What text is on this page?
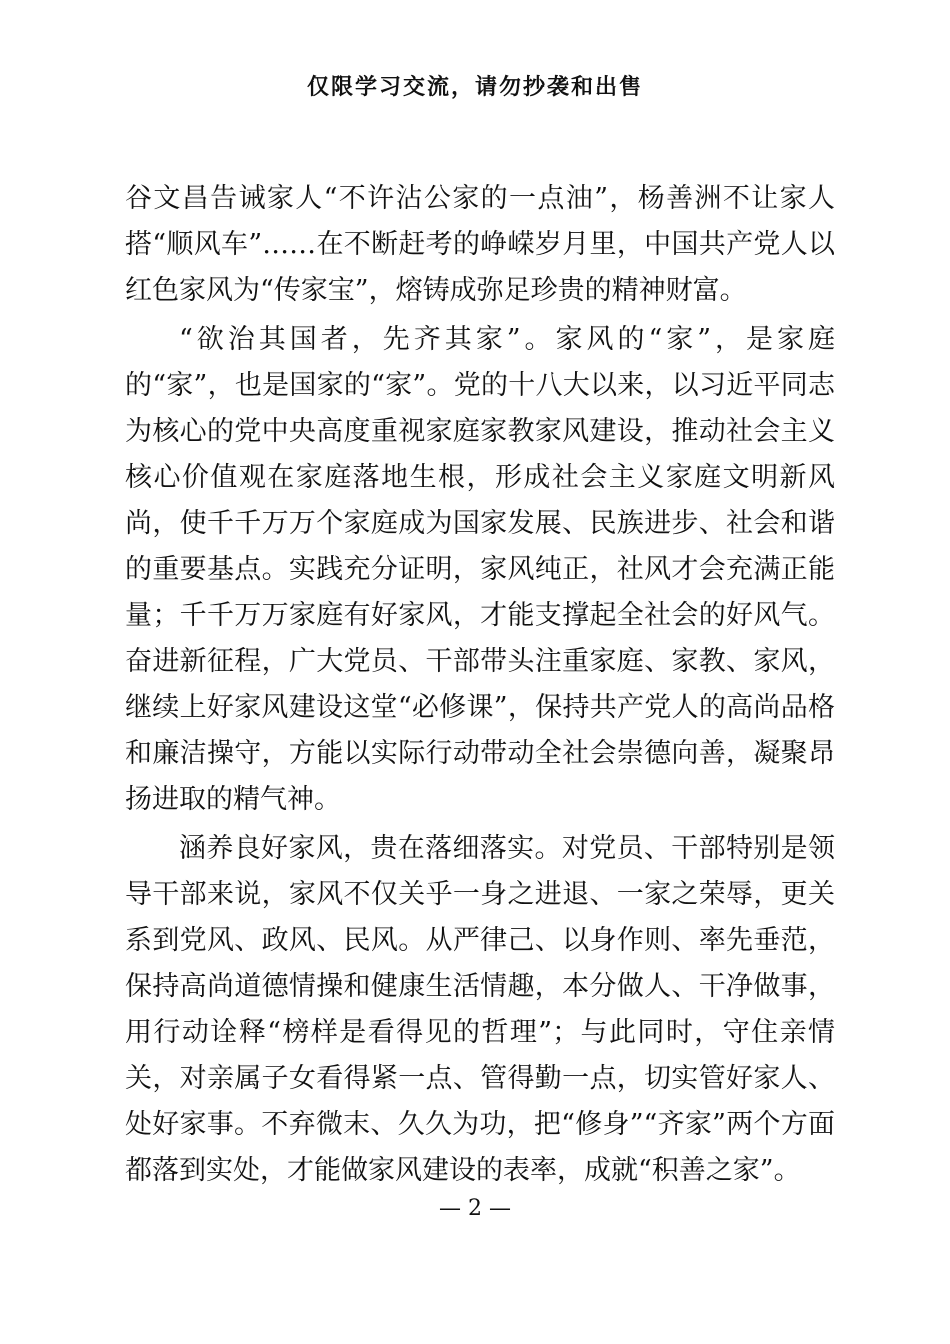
仅限学习交流，请勿抄袭和出售

谷文昌告诫家人“不许沾公家的一点油”，杨善洲不让家人搭“顺风车”……在不断赶考的峥嵘岁月里，中国共产党人以红色家风为“传家宝”，熔铸成弥足珍贵的精神财富。

“欲治其国者，先齐其家”。家风的“家”，是家庭的“家”，也是国家的“家”。党的十八大以来，以习近平同志为核心的党中央高度重视家庭家教家风建设，推动社会主义核心价值观在家庭落地生根，形成社会主义家庭文明新风尚，使千千万万个家庭成为国家发展、民族进步、社会和谐的重要基点。实践充分证明，家风纯正，社风才会充满正能量；千千万万家庭有好家风，才能支撑起全社会的好风气。奋进新征程，广大党员、干部带头注重家庭、家教、家风，继续上好家风建设这堂“必修课”，保持共产党人的高尚品格和廉洁操守，方能以实际行动带动全社会崇德向善，凝聚昂扬进取的精气神。

涵养良好家风，贵在落细落实。对党员、干部特别是领导干部来说，家风不仅关乎一身之进退、一家之荣辱，更关系到党风、政风、民风。从严律己、以身作则、率先垂范，保持高尚道德情操和健康生活情趣，本分做人、干净做事，用行动诠释“榜样是看得见的哲理”；与此同时，守住亲情关，对亲属子女看得紧一点、管得勤一点，切实管好家人、处好家事。不弃微末、久久为功，把“修身”“齐家”两个方面都落到实处，才能做家风建设的表率，成就“积善之家”。

— 2 —
